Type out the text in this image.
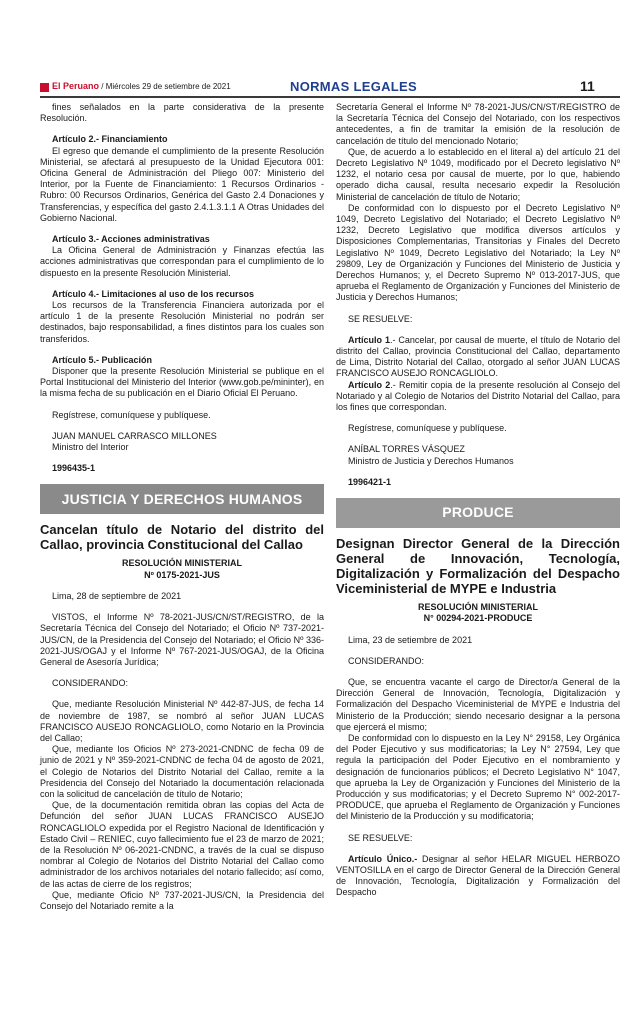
El Peruano / Miércoles 29 de setiembre de 2021	NORMAS LEGALES	11

fines señalados en la parte considerativa de la presente Resolución.

Artículo 2.- Financiamiento

El egreso que demande el cumplimiento de la presente Resolución Ministerial, se afectará al presupuesto de la Unidad Ejecutora 001: Oficina General de Administración del Pliego 007: Ministerio del Interior, por la Fuente de Financiamiento: 1 Recursos Ordinarios - Rubro: 00 Recursos Ordinarios, Genérica del Gasto 2.4 Donaciones y Transferencias, y específica del gasto 2.4.1.3.1.1 A Otras Unidades del Gobierno Nacional.

Artículo 3.- Acciones administrativas

La Oficina General de Administración y Finanzas efectúa las acciones administrativas que correspondan para el cumplimiento de lo dispuesto en la presente Resolución Ministerial.

Artículo 4.- Limitaciones al uso de los recursos

Los recursos de la Transferencia Financiera autorizada por el artículo 1 de la presente Resolución Ministerial no podrán ser destinados, bajo responsabilidad, a fines distintos para los cuales son transferidos.

Artículo 5.- Publicación

Disponer que la presente Resolución Ministerial se publique en el Portal Institucional del Ministerio del Interior (www.gob.pe/mininter), en la misma fecha de su publicación en el Diario Oficial El Peruano.

Regístrese, comuníquese y publíquese.

JUAN MANUEL CARRASCO MILLONES

Ministro del Interior

1996435-1

JUSTICIA Y DERECHOS HUMANOS
Cancelan título de Notario del distrito del Callao, provincia Constitucional del Callao

RESOLUCIÓN MINISTERIAL

Nº 0175-2021-JUS

Lima, 28 de septiembre de 2021

VISTOS, el Informe Nº 78-2021-JUS/CN/ST/REGISTRO, de la Secretaría Técnica del Consejo del Notariado; el Oficio Nº 737-2021-JUS/CN, de la Presidencia del Consejo del Notariado; el Oficio Nº 336-2021-JUS/OGAJ y el Informe Nº 767-2021-JUS/OGAJ, de la Oficina General de Asesoría Jurídica;

CONSIDERANDO:

Que, mediante Resolución Ministerial Nº 442-87-JUS, de fecha 14 de noviembre de 1987, se nombró al señor JUAN LUCAS FRANCISCO AUSEJO RONCAGLIOLO, como Notario en la Provincia del Callao;

Que, mediante los Oficios Nº 273-2021-CNDNC de fecha 09 de junio de 2021 y Nº 359-2021-CNDNC de fecha 04 de agosto de 2021, el Colegio de Notarios del Distrito Notarial del Callao, remite a la Presidencia del Consejo del Notariado la documentación relacionada con la solicitud de cancelación de título de Notario;

Que, de la documentación remitida obran las copias del Acta de Defunción del señor JUAN LUCAS FRANCISCO AUSEJO RONCAGLIOLO expedida por el Registro Nacional de Identificación y Estado Civil – RENIEC, cuyo fallecimiento fue el 23 de marzo de 2021; de la Resolución Nº 06-2021-CNDNC, a través de la cual se dispuso nombrar al Colegio de Notarios del Distrito Notarial del Callao como administrador de los archivos notariales del notario fallecido; así como, de las actas de cierre de los registros;

Que, mediante Oficio Nº 737-2021-JUS/CN, la Presidencia del Consejo del Notariado remite a la

Secretaría General el Informe Nº 78-2021-JUS/CN/ST/REGISTRO de la Secretaría Técnica del Consejo del Notariado, con los respectivos antecedentes, a fin de tramitar la emisión de la resolución de cancelación de título del mencionado Notario;

Que, de acuerdo a lo establecido en el literal a) del artículo 21 del Decreto Legislativo Nº 1049, modificado por el Decreto legislativo Nº 1232, el notario cesa por causal de muerte, por lo que, habiendo operado dicha causal, resulta necesario expedir la Resolución Ministerial de cancelación de título de Notario;

De conformidad con lo dispuesto por el Decreto Legislativo Nº 1049, Decreto Legislativo del Notariado; el Decreto Legislativo Nº 1232, Decreto Legislativo que modifica diversos artículos y Disposiciones Complementarias, Transitorias y Finales del Decreto Legislativo Nº 1049, Decreto Legislativo del Notariado; la Ley Nº 29809, Ley de Organización y Funciones del Ministerio de Justicia y Derechos Humanos; y, el Decreto Supremo Nº 013-2017-JUS, que aprueba el Reglamento de Organización y Funciones del Ministerio de Justicia y Derechos Humanos;

SE RESUELVE:

Artículo 1.- Cancelar, por causal de muerte, el título de Notario del distrito del Callao, provincia Constitucional del Callao, departamento de Lima, Distrito Notarial del Callao, otorgado al señor JUAN LUCAS FRANCISCO AUSEJO RONCAGLIOLO.

Artículo 2.- Remitir copia de la presente resolución al Consejo del Notariado y al Colegio de Notarios del Distrito Notarial del Callao, para los fines que correspondan.

Regístrese, comuníquese y publíquese.

ANÍBAL TORRES VÁSQUEZ

Ministro de Justicia y Derechos Humanos

1996421-1

PRODUCE
Designan Director General de la Dirección General de Innovación, Tecnología, Digitalización y Formalización del Despacho Viceministerial de MYPE e Industria

RESOLUCIÓN MINISTERIAL

N° 00294-2021-PRODUCE

Lima, 23 de setiembre de 2021

CONSIDERANDO:

Que, se encuentra vacante el cargo de Director/a General de la Dirección General de Innovación, Tecnología, Digitalización y Formalización del Despacho Viceministerial de MYPE e Industria del Ministerio de la Producción; siendo necesario designar a la persona que ejercerá el mismo;

De conformidad con lo dispuesto en la Ley N° 29158, Ley Orgánica del Poder Ejecutivo y sus modificatorias; la Ley N° 27594, Ley que regula la participación del Poder Ejecutivo en el nombramiento y designación de funcionarios públicos; el Decreto Legislativo N° 1047, que aprueba la Ley de Organización y Funciones del Ministerio de la Producción y sus modificatorias; y el Decreto Supremo N° 002-2017-PRODUCE, que aprueba el Reglamento de Organización y Funciones del Ministerio de la Producción y su modificatoria;

SE RESUELVE:

Artículo Único.- Designar al señor HELAR MIGUEL HERBOZO VENTOSILLA en el cargo de Director General de la Dirección General de Innovación, Tecnología, Digitalización y Formalización del Despacho
